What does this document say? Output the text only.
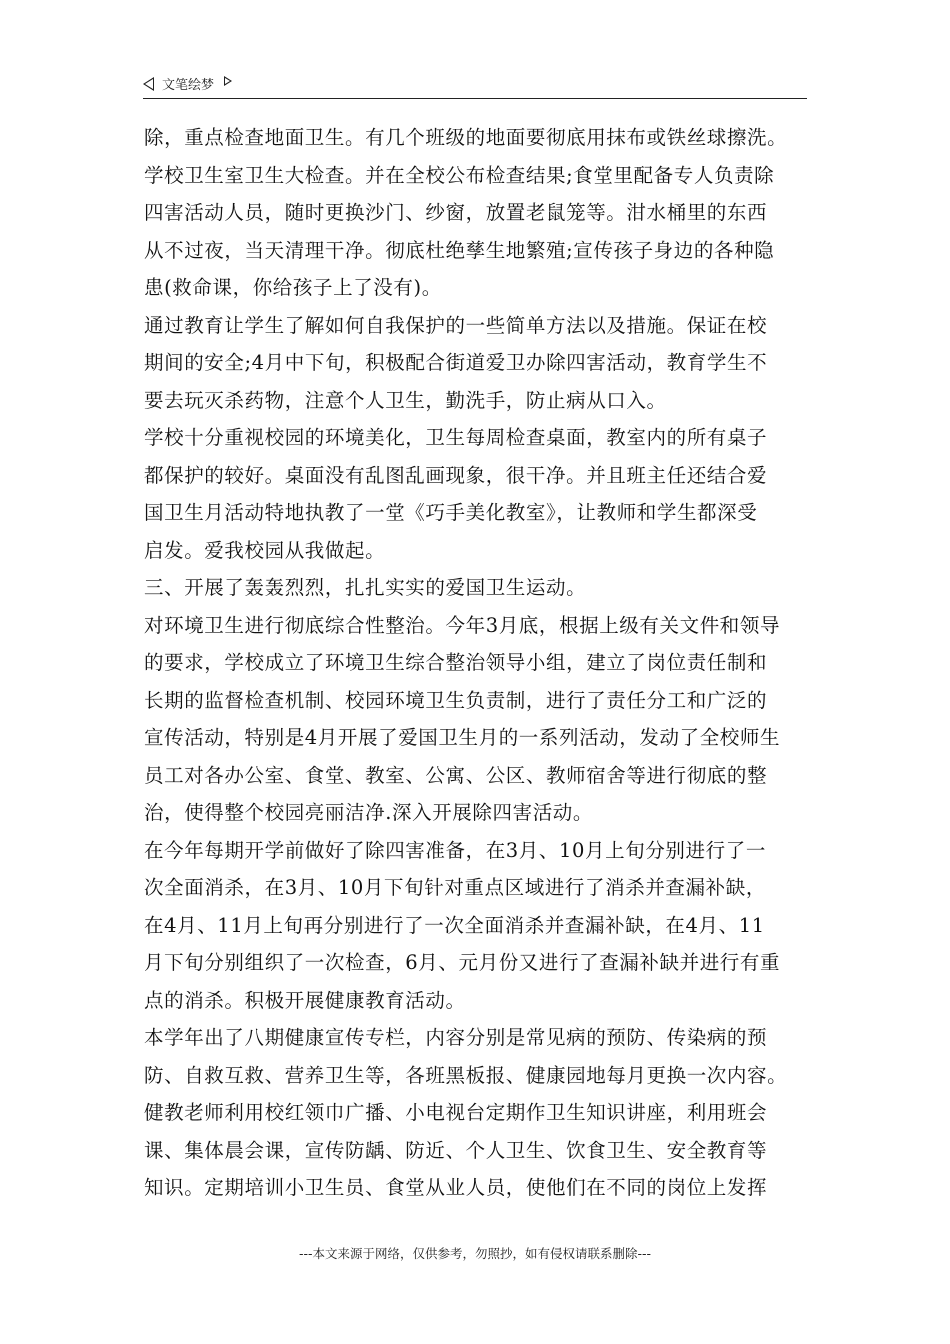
文笔绘梦
除，重点检查地面卫生。有几个班级的地面要彻底用抹布或铁丝球擦洗。
学校卫生室卫生大检查。并在全校公布检查结果;食堂里配备专人负责除
四害活动人员，随时更换沙门、纱窗，放置老鼠笼等。泔水桶里的东西
从不过夜，当天清理干净。彻底杜绝孳生地繁殖;宣传孩子身边的各种隐
患(救命课，你给孩子上了没有)。
通过教育让学生了解如何自我保护的一些简单方法以及措施。保证在校
期间的安全;4月中下旬，积极配合街道爱卫办除四害活动，教育学生不
要去玩灭杀药物，注意个人卫生，勤洗手，防止病从口入。
学校十分重视校园的环境美化，卫生每周检查桌面，教室内的所有桌子
都保护的较好。桌面没有乱图乱画现象，很干净。并且班主任还结合爱
国卫生月活动特地执教了一堂《巧手美化教室》，让教师和学生都深受
启发。爱我校园从我做起。
三、开展了轰轰烈烈，扎扎实实的爱国卫生运动。
对环境卫生进行彻底综合性整治。今年3月底，根据上级有关文件和领导
的要求，学校成立了环境卫生综合整治领导小组，建立了岗位责任制和
长期的监督检查机制、校园环境卫生负责制，进行了责任分工和广泛的
宣传活动，特别是4月开展了爱国卫生月的一系列活动，发动了全校师生
员工对各办公室、食堂、教室、公寓、公区、教师宿舍等进行彻底的整
治，使得整个校园亮丽洁净.深入开展除四害活动。
在今年每期开学前做好了除四害准备，在3月、10月上旬分别进行了一
次全面消杀，在3月、10月下旬针对重点区域进行了消杀并查漏补缺，
在4月、11月上旬再分别进行了一次全面消杀并查漏补缺，在4月、11
月下旬分别组织了一次检查，6月、元月份又进行了查漏补缺并进行有重
点的消杀。积极开展健康教育活动。
本学年出了八期健康宣传专栏，内容分别是常见病的预防、传染病的预
防、自救互救、营养卫生等，各班黑板报、健康园地每月更换一次内容。
健教老师利用校红领巾广播、小电视台定期作卫生知识讲座，利用班会
课、集体晨会课，宣传防龋、防近、个人卫生、饮食卫生、安全教育等
知识。定期培训小卫生员、食堂从业人员，使他们在不同的岗位上发挥
---本文来源于网络，仅供参考，勿照抄，如有侵权请联系删除---
